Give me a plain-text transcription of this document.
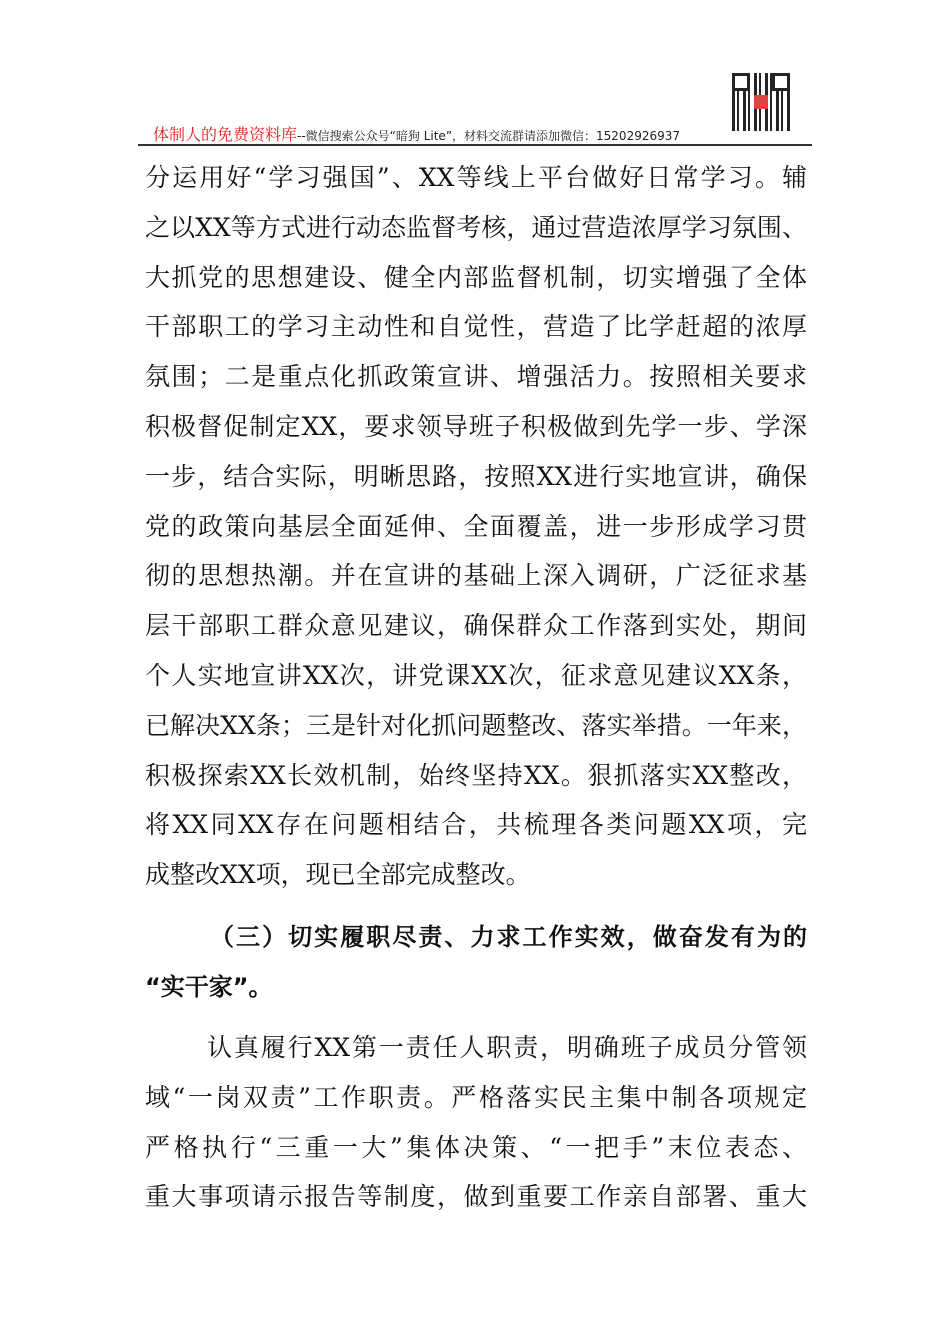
体制人的免费资料库--微信搜索公众号“暗狗 Lite”，材料交流群请添加微信：15202926937
分运用好“学习强国”、XX等线上平台做好日常学习。辅
之以XX等方式进行动态监督考核，通过营造浓厚学习氛围、
大抓党的思想建设、健全内部监督机制，切实增强了全体
干部职工的学习主动性和自觉性，营造了比学赶超的浓厚
氛围；二是重点化抓政策宣讲、增强活力。按照相关要求
积极督促制定XX，要求领导班子积极做到先学一步、学深
一步，结合实际，明晰思路，按照XX进行实地宣讲，确保
党的政策向基层全面延伸、全面覆盖，进一步形成学习贯
彻的思想热潮。并在宣讲的基础上深入调研，广泛征求基
层干部职工群众意见建议，确保群众工作落到实处，期间
个人实地宣讲XX次，讲党课XX次，征求意见建议XX条，
已解决XX条；三是针对化抓问题整改、落实举措。一年来，
积极探索XX长效机制，始终坚持XX。狠抓落实XX整改，
将XX同XX存在问题相结合，共梳理各类问题XX项，完
成整改XX项，现已全部完成整改。
（三）切实履职尽责、力求工作实效，做奋发有为的
“实干家”。
认真履行XX第一责任人职责，明确班子成员分管领
域“一岗双责”工作职责。严格落实民主集中制各项规定
严格执行“三重一大”集体决策、“一把手”末位表态、
重大事项请示报告等制度，做到重要工作亲自部署、重大
